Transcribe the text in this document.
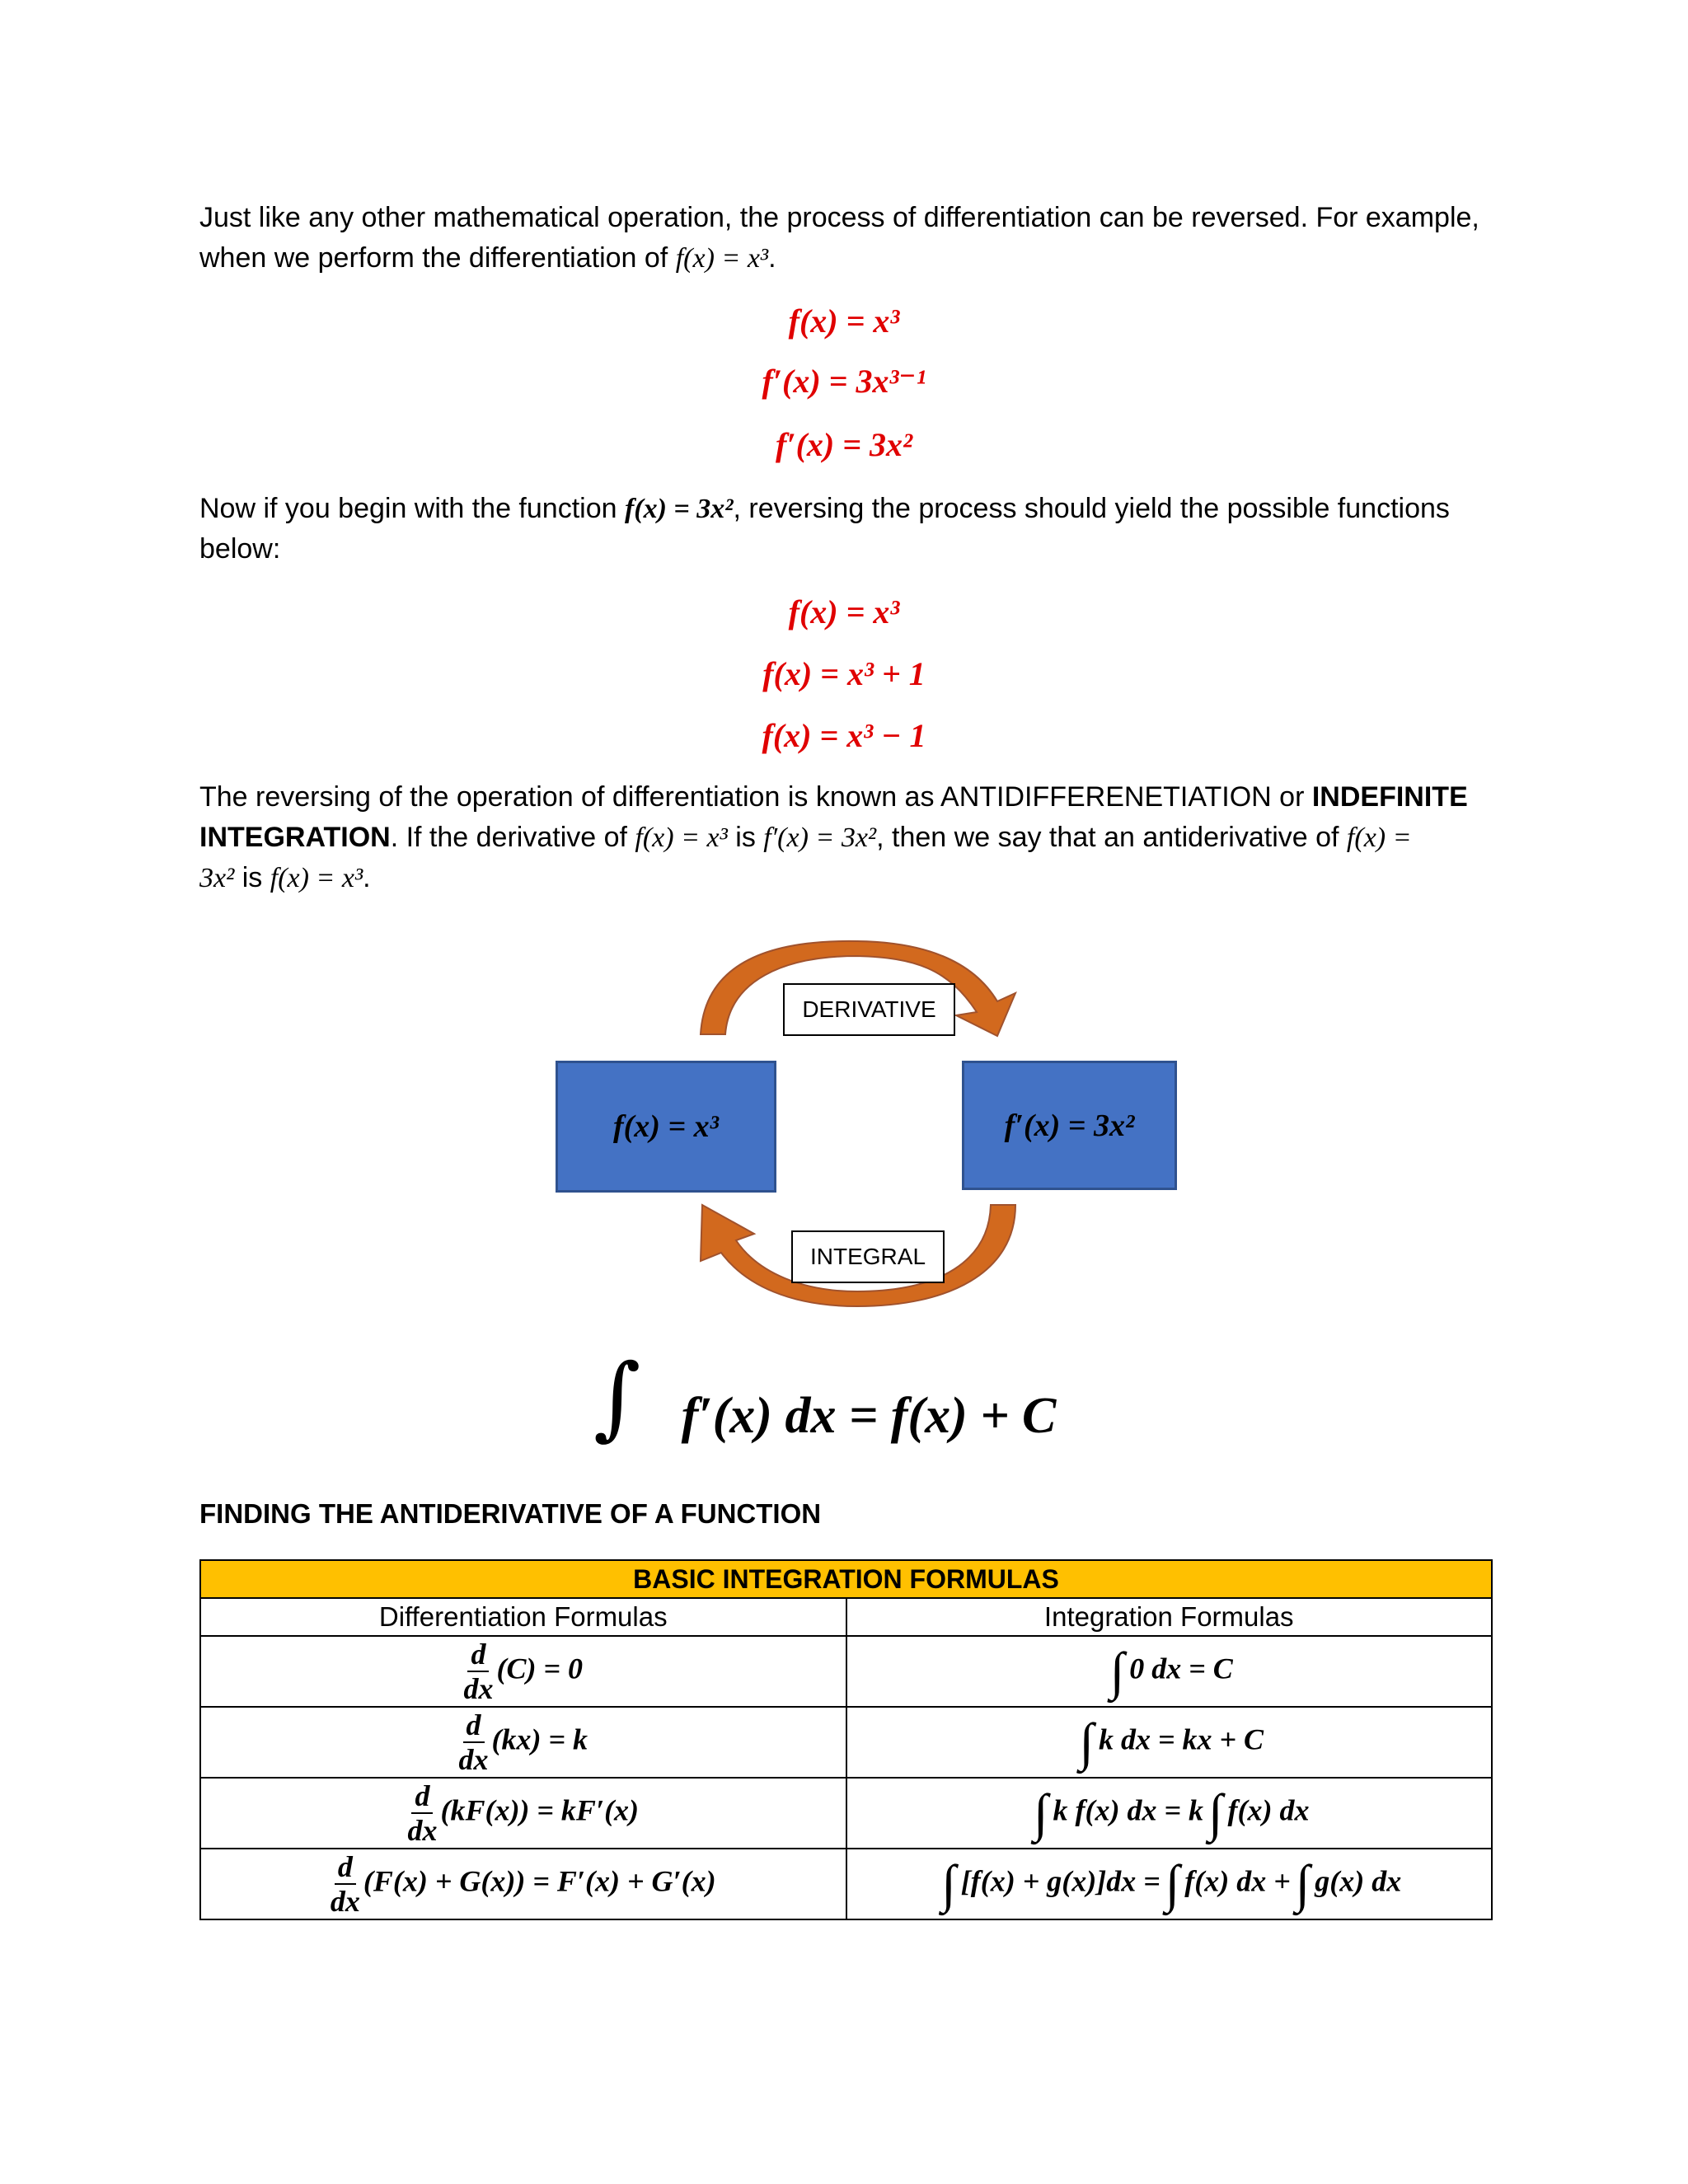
Just like any other mathematical operation, the process of differentiation can be reversed. For example,
when we perform the differentiation of f(x) = x³.
f(x) = x³
f′(x) = 3x³⁻¹
f′(x) = 3x²
Now if you begin with the function f(x) = 3x², reversing the process should yield the possible functions
below:
f(x) = x³
f(x) = x³ + 1
f(x) = x³ − 1
The reversing of the operation of differentiation is known as ANTIDIFFERENETIATION or INDEFINITE
INTEGRATION. If the derivative of f(x) = x³ is f′(x) = 3x², then we say that an antiderivative of f(x) =
3x² is f(x) = x³.
DERIVATIVE
INTEGRAL
f(x) = x³	f′(x) = 3x²
∫ f′(x) dx = f(x) + C
FINDING THE ANTIDERIVATIVE OF A FUNCTION
BASIC INTEGRATION FORMULAS	
Differentiation Formulas	Integration Formulas

$\frac{d}{dx} (C) = 0$	∫ 0 dx = C

$\frac{d}{dx} (kx) = k$	∫ k dx = kx + C

$\frac{d}{dx} (kF(x)) = kF'(x)$	∫ k f(x) dx = k∫ f(x) dx

$\frac{d}{dx} (F(x) + G(x)) = F'(x) + G'(x)$	∫ [f(x) + g(x)]dx =∫ f(x) dx +∫ g(x) dx
